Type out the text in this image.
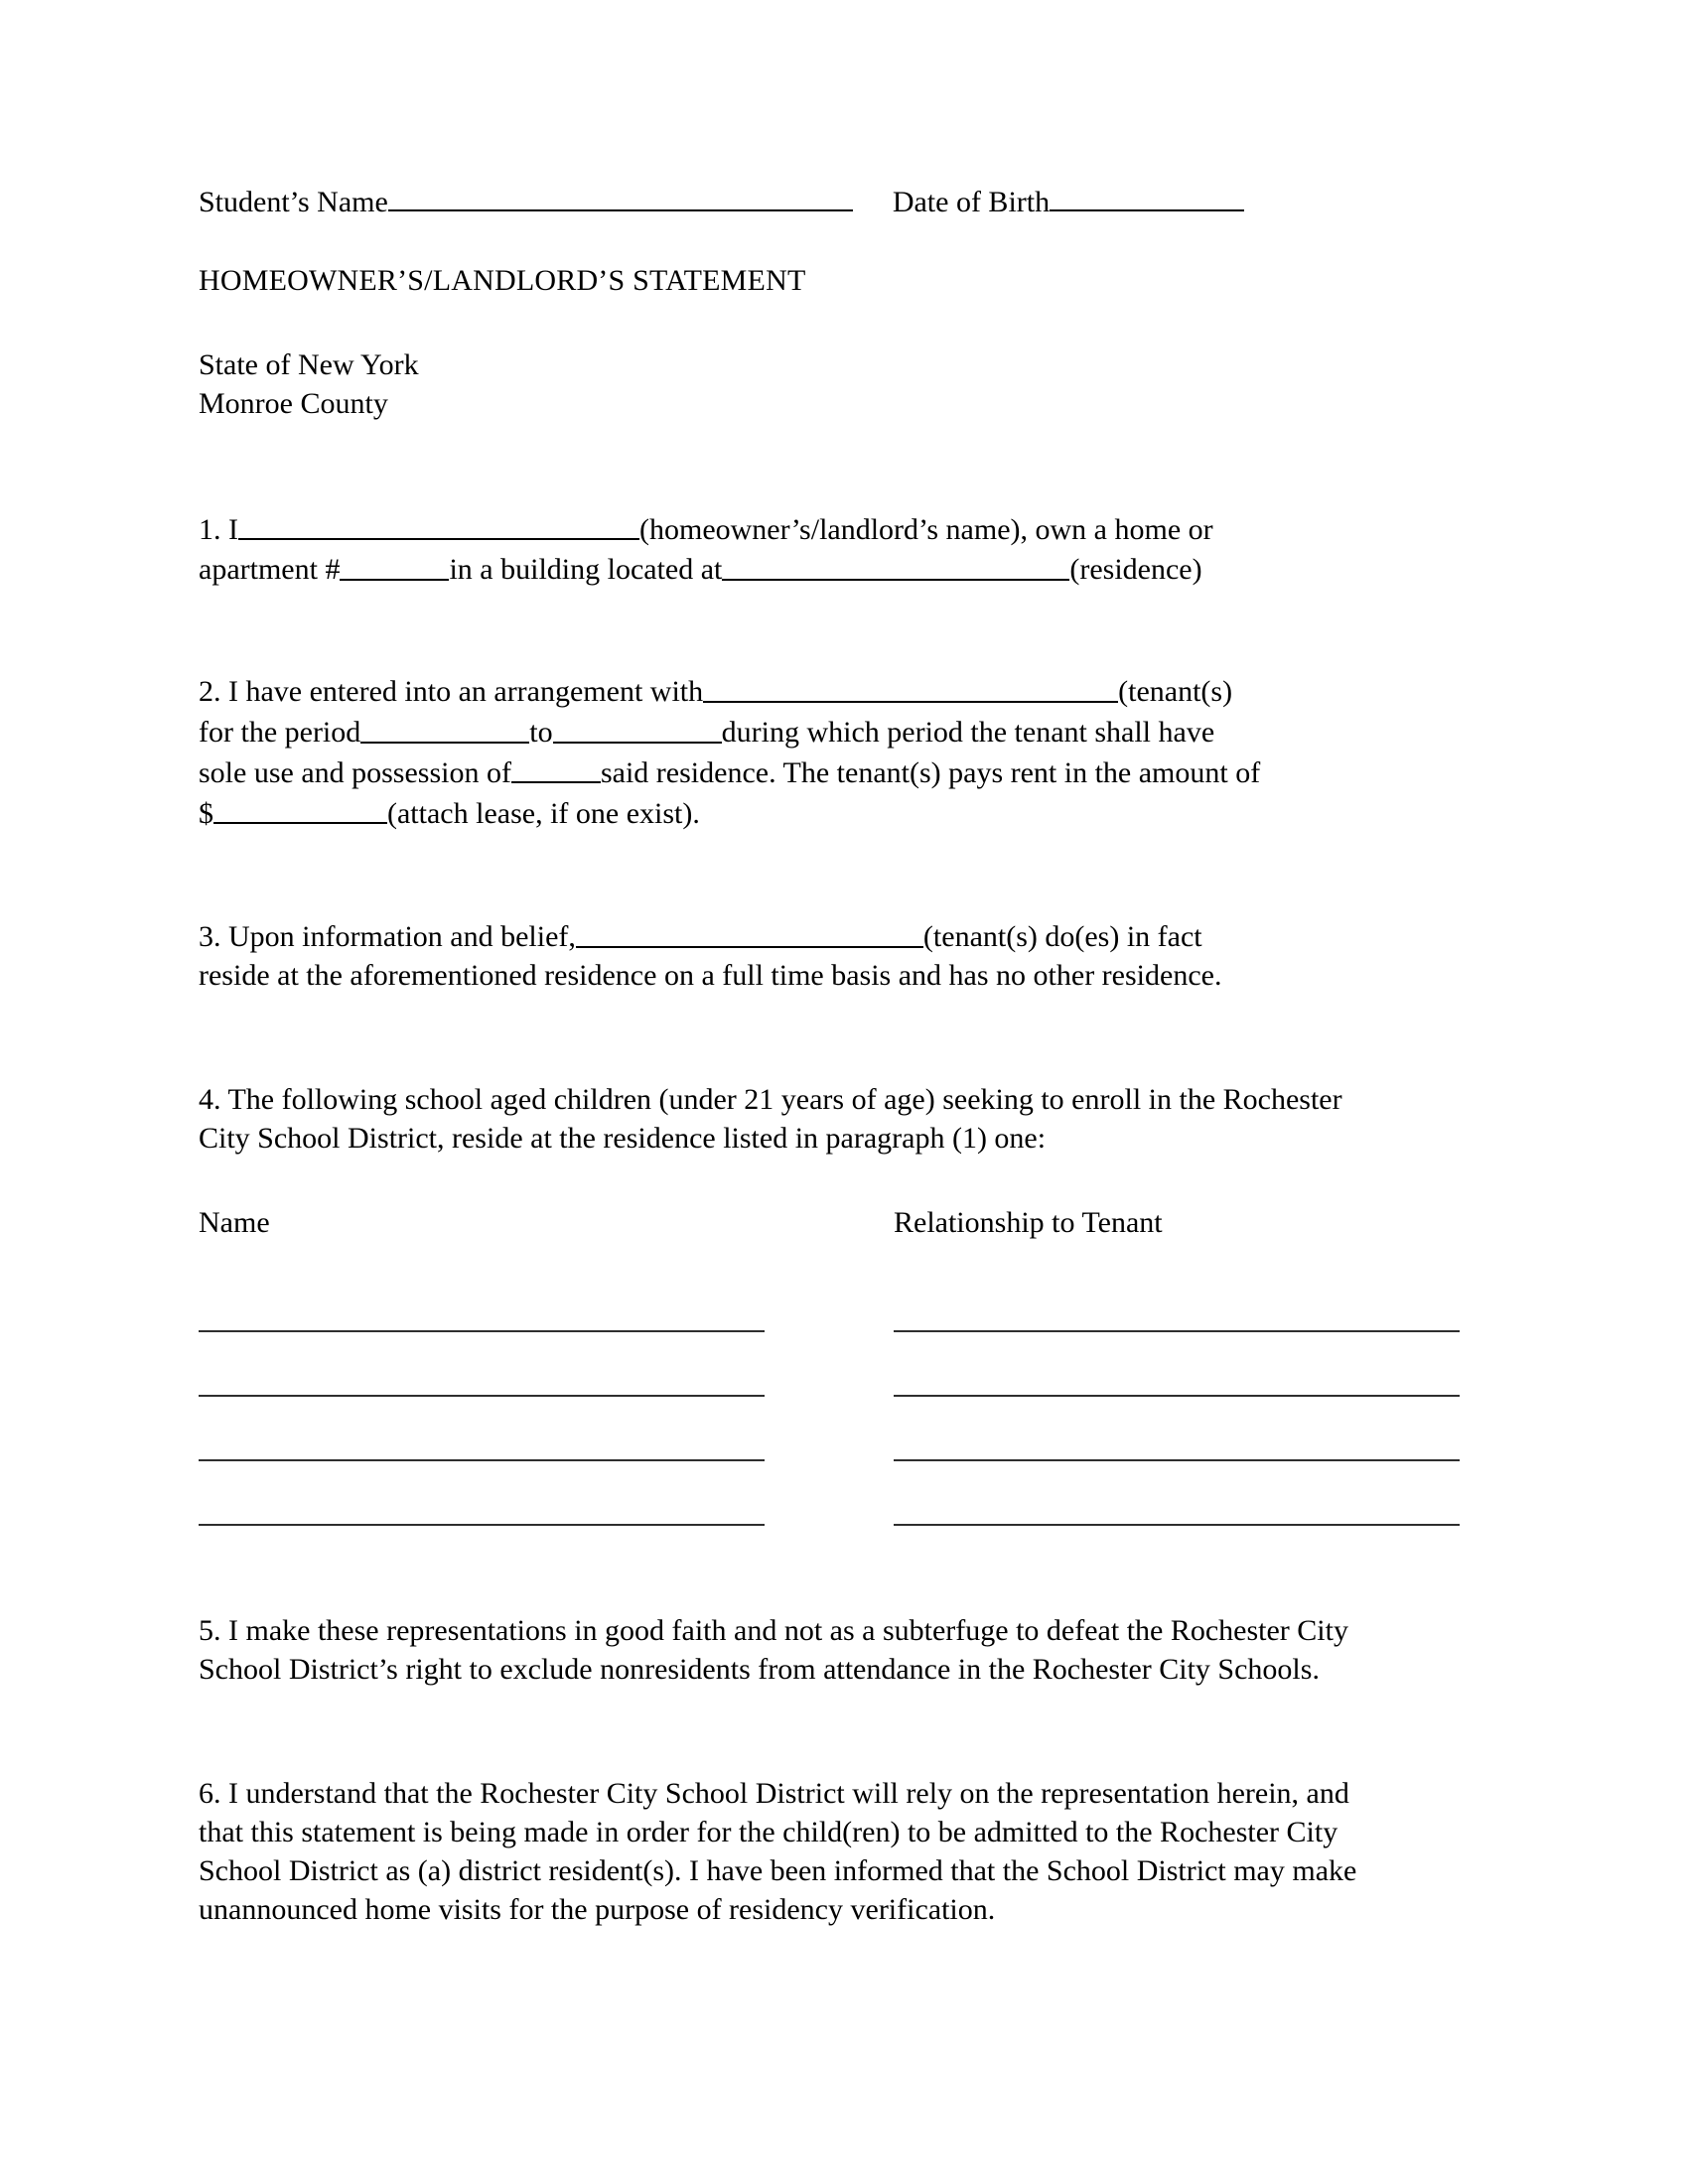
Student’s Name	Date of Birth
HOMEOWNER’S/LANDLORD’S STATEMENT
State of New York
Monroe County
1. I	(homeowner’s/landlord’s name), own a home or
apartment #	in a building located at	(residence)
2. I have entered into an arrangement with	(tenant(s)
for the period	to	during which period the tenant shall have
sole use and possession of	said residence. The tenant(s) pays rent in the amount of
$	(attach lease, if one exist).
3. Upon information and belief,	(tenant(s) do(es) in fact
reside at the aforementioned residence on a full time basis and has no other residence.
4. The following school aged children (under 21 years of age) seeking to enroll in the Rochester
City School District, reside at the residence listed in paragraph (1) one:
Name	Relationship to Tenant
5. I make these representations in good faith and not as a subterfuge to defeat the Rochester City
School District’s right to exclude nonresidents from attendance in the Rochester City Schools.
6. I understand that the Rochester City School District will rely on the representation herein, and
that this statement is being made in order for the child(ren) to be admitted to the Rochester City
School District as (a) district resident(s). I have been informed that the School District may make
unannounced home visits for the purpose of residency verification.
